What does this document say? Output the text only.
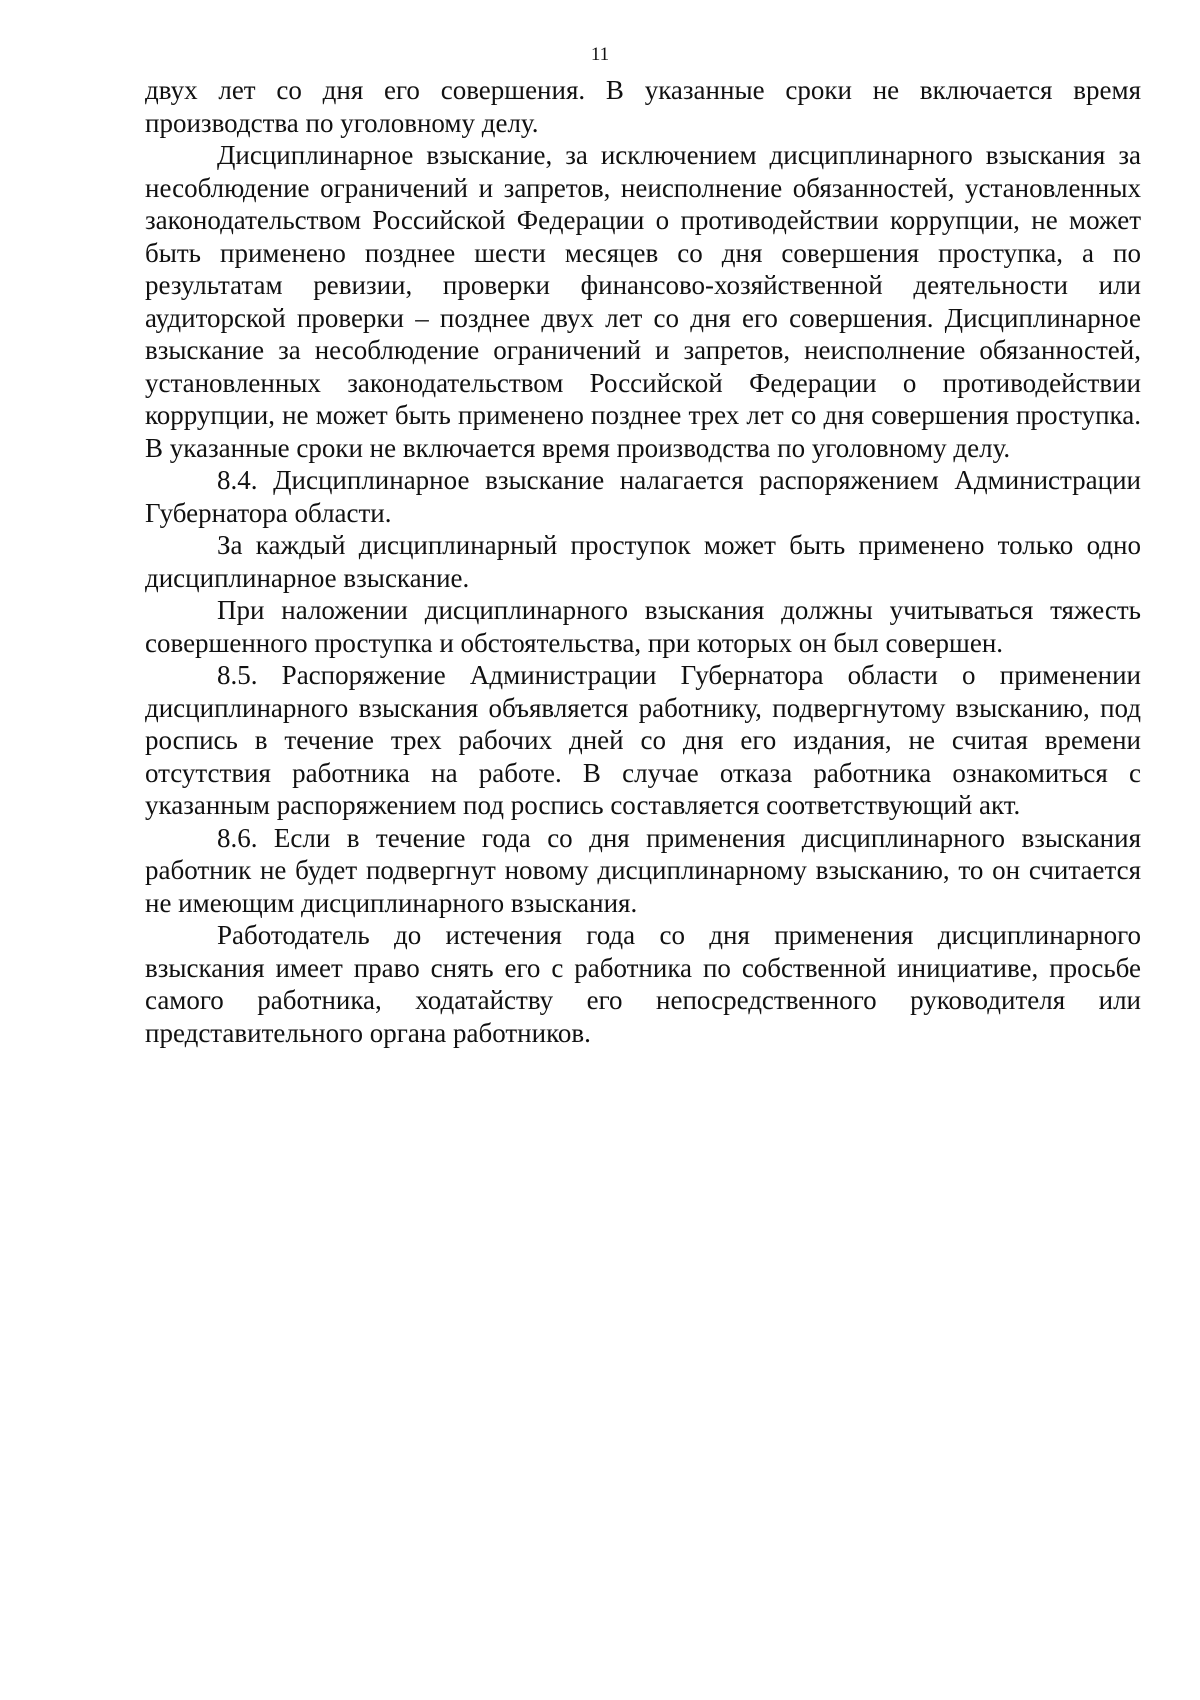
11

двух лет со дня его совершения. В указанные сроки не включается время производства по уголовному делу.

Дисциплинарное взыскание, за исключением дисциплинарного взыскания за несоблюдение ограничений и запретов, неисполнение обязанностей, установленных законодательством Российской Федерации о противодействии коррупции, не может быть применено позднее шести месяцев со дня совершения проступка, а по результатам ревизии, проверки финансово-хозяйственной деятельности или аудиторской проверки – позднее двух лет со дня его совершения. Дисциплинарное взыскание за несоблюдение ограничений и запретов, неисполнение обязанностей, установленных законодательством Российской Федерации о противодействии коррупции, не может быть применено позднее трех лет со дня совершения проступка. В указанные сроки не включается время производства по уголовному делу.

8.4. Дисциплинарное взыскание налагается распоряжением Администрации Губернатора области.

За каждый дисциплинарный проступок может быть применено только одно дисциплинарное взыскание.

При наложении дисциплинарного взыскания должны учитываться тяжесть совершенного проступка и обстоятельства, при которых он был совершен.

8.5. Распоряжение Администрации Губернатора области о применении дисциплинарного взыскания объявляется работнику, подвергнутому взысканию, под роспись в течение трех рабочих дней со дня его издания, не считая времени отсутствия работника на работе. В случае отказа работника ознакомиться с указанным распоряжением под роспись составляется соответствующий акт.

8.6. Если в течение года со дня применения дисциплинарного взыскания работник не будет подвергнут новому дисциплинарному взысканию, то он считается не имеющим дисциплинарного взыскания.

Работодатель до истечения года со дня применения дисциплинарного взыскания имеет право снять его с работника по собственной инициативе, просьбе самого работника, ходатайству его непосредственного руководителя или представительного органа работников.
